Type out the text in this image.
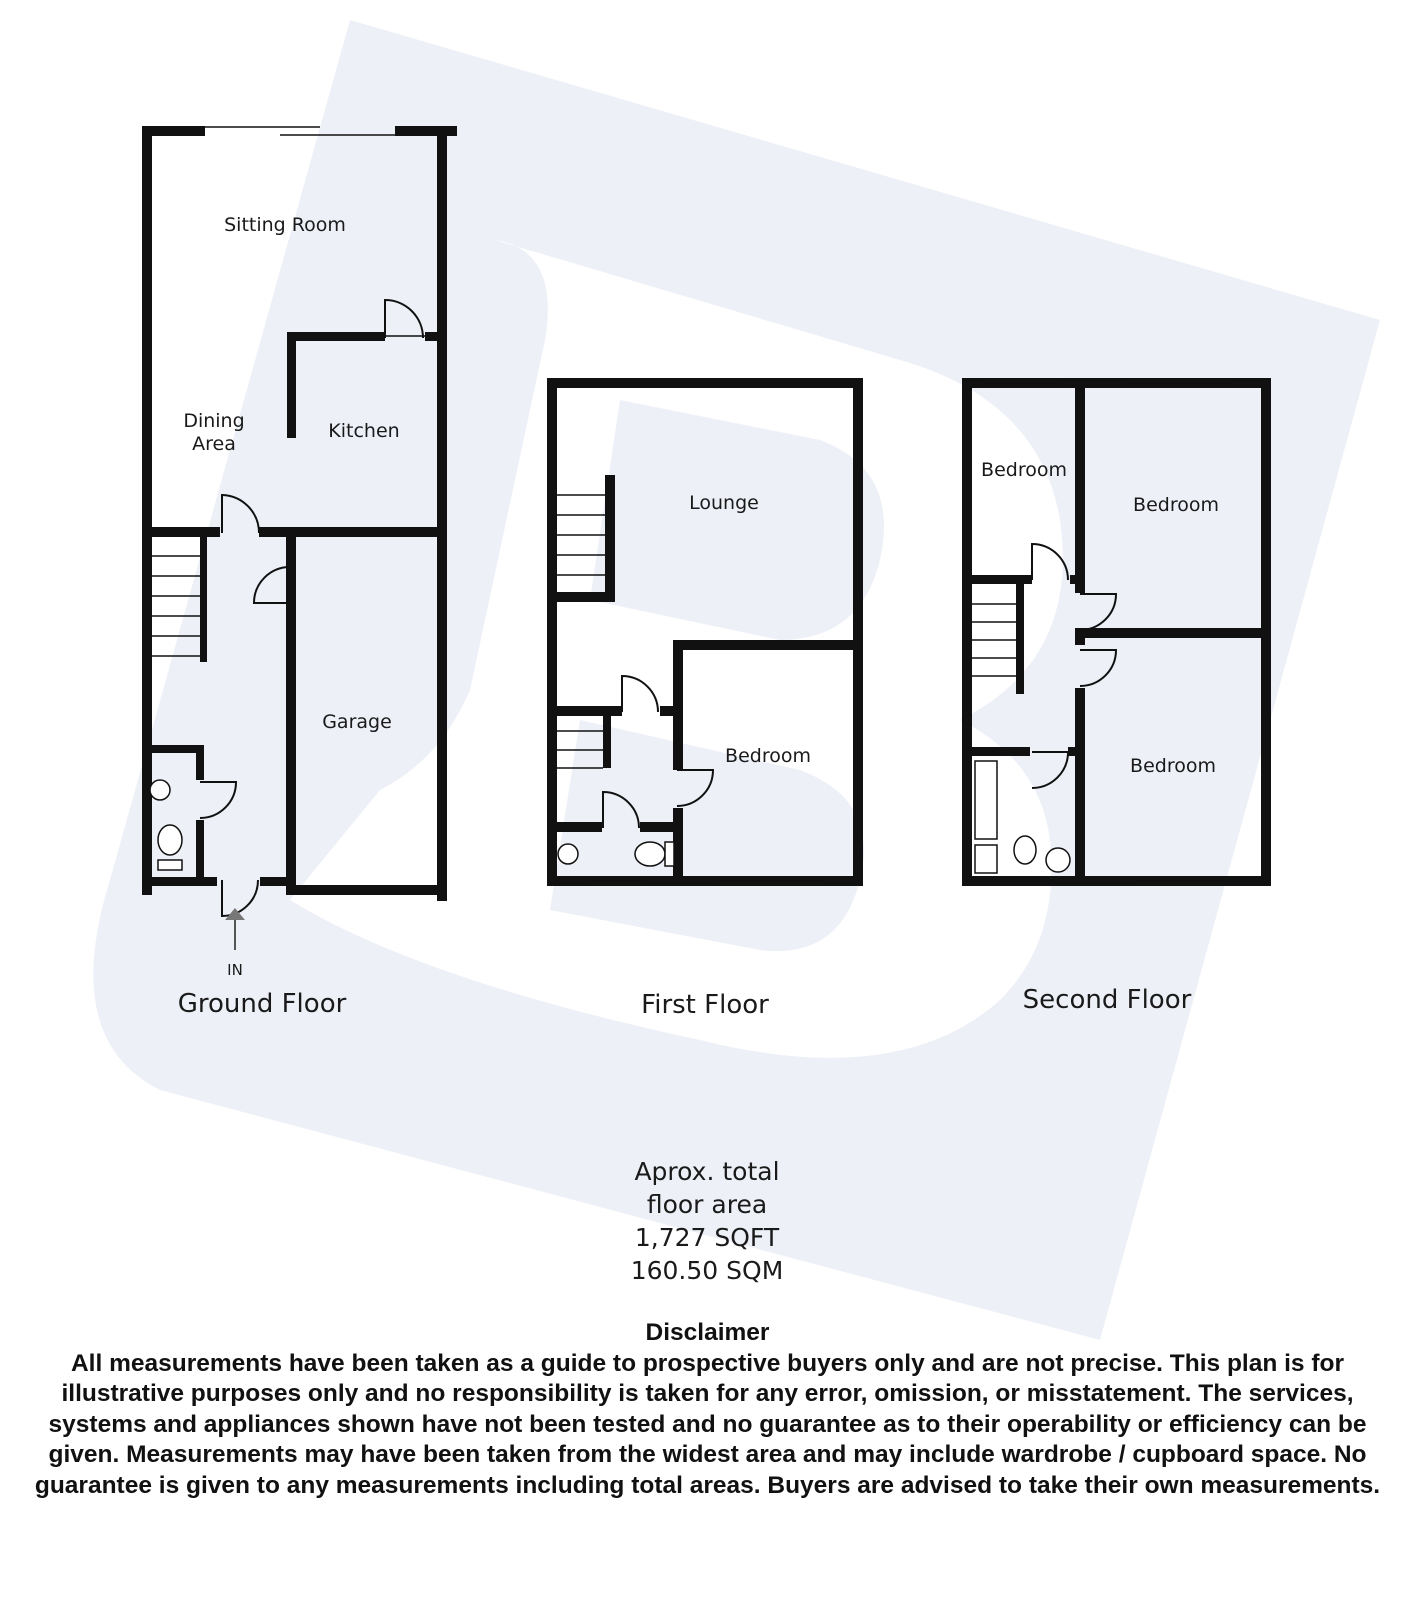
Sitting Room
Dining
Area
Kitchen
Garage
IN
Lounge
Bedroom
Bedroom
Bedroom
Bedroom
Ground Floor	First Floor	Second Floor
Aprox. total
floor area
1,727 SQFT
160.50 SQM
Disclaimer
All measurements have been taken as a guide to prospective buyers only and are not precise. This plan is for illustrative purposes only and no responsibility is taken for any error, omission, or misstatement. The services, systems and appliances shown have not been tested and no guarantee as to their operability or efficiency can be given. Measurements may have been taken from the widest area and may include wardrobe / cupboard space. No guarantee is given to any measurements including total areas. Buyers are advised to take their own measurements.
